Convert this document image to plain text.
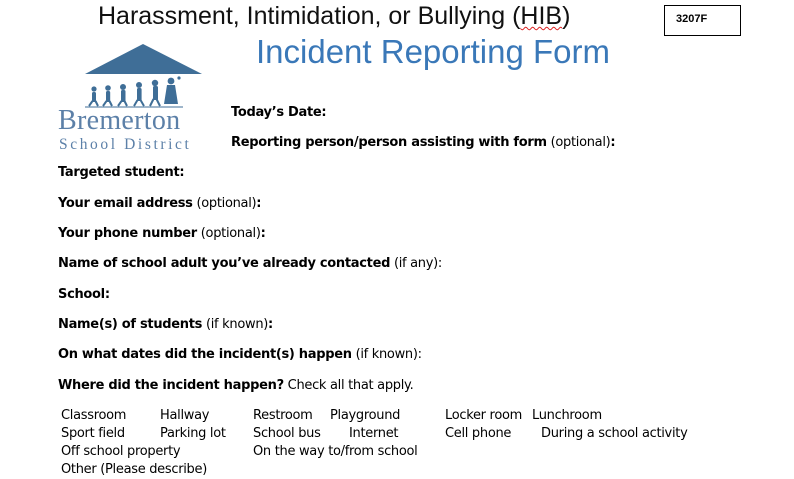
Harassment, Intimidation, or Bullying (HIB)	3207F
Incident Reporting Form
Bremerton
School District
Today’s Date:
Reporting person/person assisting with form (optional):
Targeted student:
Your email address (optional):
Your phone number (optional):
Name of school adult you’ve already contacted (if any):
School:
Name(s) of students (if known):
On what dates did the incident(s) happen (if known):
Where did the incident happen? Check all that apply.
Classroom	Hallway	Restroom Playground	Locker room Lunchroom
Sport field	Parking lot School bus Internet	Cell phone During a school activity
Off school property	On the way to/from school
Other (Please describe)
